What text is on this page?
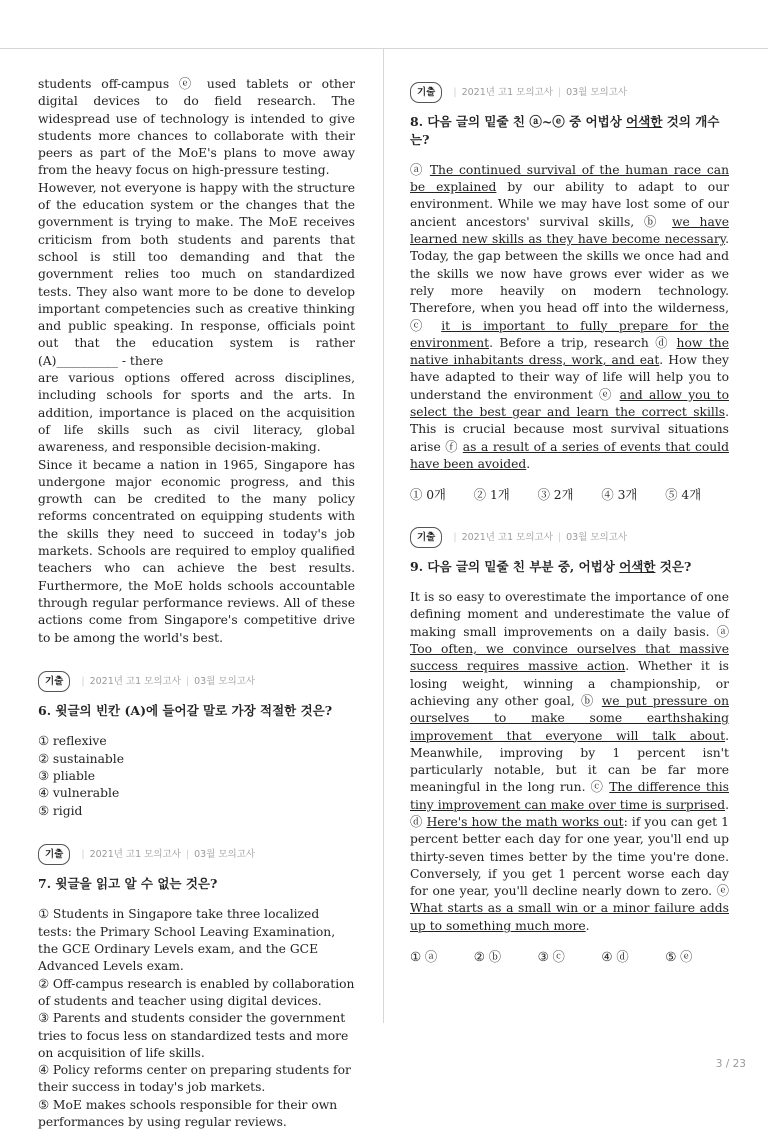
students off-campus ⓔ used tablets or other digital devices to do field research. The widespread use of technology is intended to give students more chances to collaborate with their peers as part of the MoE's plans to move away from the heavy focus on high-pressure testing.

However, not everyone is happy with the structure of the education system or the changes that the government is trying to make. The MoE receives criticism from both students and parents that school is still too demanding and that the government relies too much on standardized tests. They also want more to be done to develop important competencies such as creative thinking and public speaking. In response, officials point out that the education system is rather (A)__________ - there

are various options offered across disciplines, including schools for sports and the arts. In addition, importance is placed on the acquisition of life skills such as civil literacy, global awareness, and responsible decision-making.

Since it became a nation in 1965, Singapore has undergone major economic progress, and this growth can be credited to the many policy reforms concentrated on equipping students with the skills they need to succeed in today's job markets. Schools are required to employ qualified teachers who can achieve the best results. Furthermore, the MoE holds schools accountable through regular performance reviews. All of these actions come from Singapore's competitive drive to be among the world's best.

기출	| 2021년 고1 모의고사 | 03월 모의고사
6. 윗글의 빈칸 (A)에 들어갈 말로 가장 적절한 것은?
① reflexive
② sustainable
③ pliable
④ vulnerable
⑤ rigid
기출	| 2021년 고1 모의고사 | 03월 모의고사
7. 윗글을 읽고 알 수 없는 것은?
① Students in Singapore take three localized tests: the Primary School Leaving Examination, the GCE Ordinary Levels exam, and the GCE Advanced Levels exam.
② Off-campus research is enabled by collaboration of students and teacher using digital devices.
③ Parents and students consider the government tries to focus less on standardized tests and more on acquisition of life skills.
④ Policy reforms center on preparing students for their success in today's job markets.
⑤ MoE makes schools responsible for their own performances by using regular reviews.
기출	| 2021년 고1 모의고사 | 03월 모의고사
8. 다음 글의 밑줄 친 ⓐ~ⓔ 중 어법상 어색한 것의 개수는?

ⓐ The continued survival of the human race can be explained by our ability to adapt to our environment. While we may have lost some of our ancient ancestors' survival skills, ⓑ we have learned new skills as they have become necessary. Today, the gap between the skills we once had and the skills we now have grows ever wider as we rely more heavily on modern technology. Therefore, when you head off into the wilderness, ⓒ it is important to fully prepare for the environment. Before a trip, research ⓓ how the native inhabitants dress, work, and eat. How they have adapted to their way of life will help you to understand the environment ⓔ and allow you to select the best gear and learn the correct skills. This is crucial because most survival situations arise ⓕ as a result of a series of events that could have been avoided.

① 0개	② 1개	③ 2개	④ 3개	⑤ 4개
기출	| 2021년 고1 모의고사 | 03월 모의고사
9. 다음 글의 밑줄 친 부분 중, 어법상 어색한 것은?

It is so easy to overestimate the importance of one defining moment and underestimate the value of making small improvements on a daily basis. ⓐ Too often, we convince ourselves that massive success requires massive action. Whether it is losing weight, winning a championship, or achieving any other goal, ⓑ we put pressure on ourselves to make some earthshaking improvement that everyone will talk about. Meanwhile, improving by 1 percent isn't particularly notable, but it can be far more meaningful in the long run. ⓒ The difference this tiny improvement can make over time is surprised. ⓓ Here's how the math works out: if you can get 1 percent better each day for one year, you'll end up thirty-seven times better by the time you're done. Conversely, if you get 1 percent worse each day for one year, you'll decline nearly down to zero. ⓔ What starts as a small win or a minor failure adds up to something much more.

① ⓐ	② ⓑ	③ ⓒ	④ ⓓ	⑤ ⓔ
3 / 23
